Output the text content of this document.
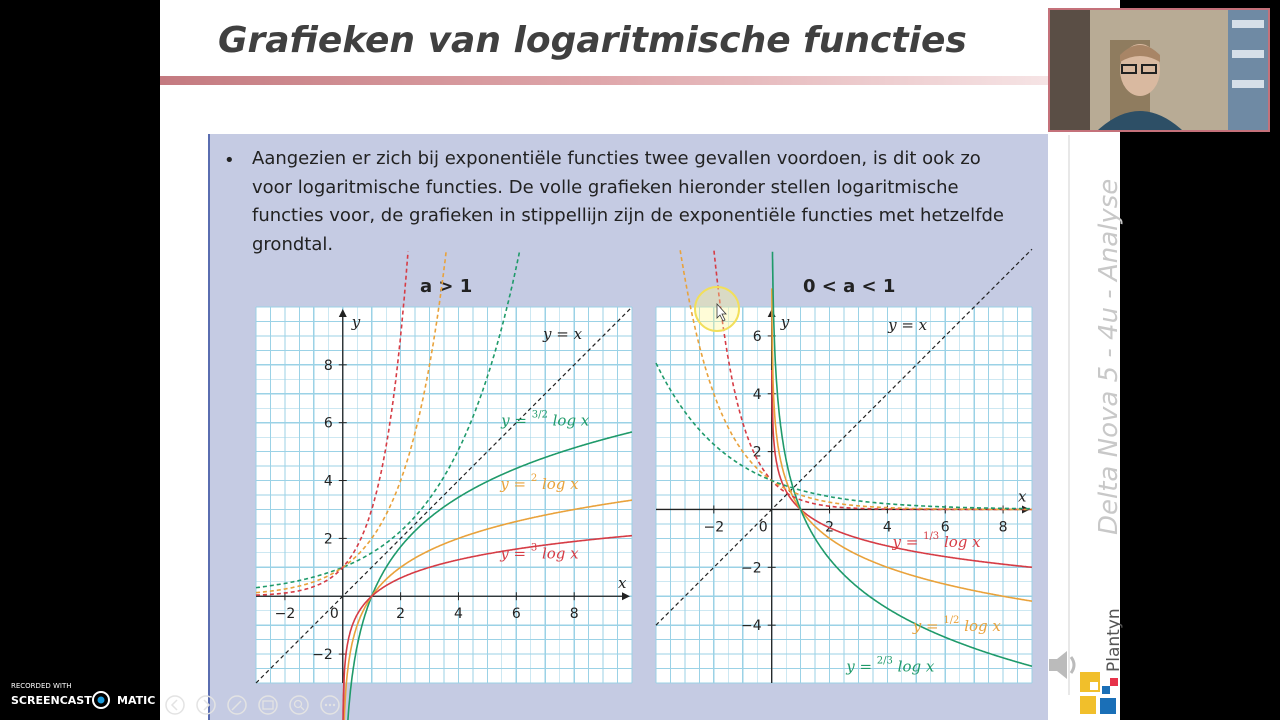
Grafieken van logaritmische functies
• Aangezien er zich bij exponentiële functies twee gevallen voordoen, is dit ook zo voor logaritmische functies. De volle grafieken hieronder stellen logaritmische functies voor, de grafieken in stippellijn zijn de exponentiële functies met hetzelfde grondtal.
a > 1	0 < a < 1
−2	2	4	6	8
−2
2
4
6
8
0
x
y
y = $^{3/2}$ log x
y = $^2$ log x
y = $^3$ log x
y = x
−2	2	4	6	8
−4
−2
2
4
6
0
x
y
y = $^{1/3}$ log x
y = $^{1/2}$ log x
y = $^{2/3}$ log x
y = x	Delta Nova 5 - 4u - Analyse
Plantyn
RECORDED WITH
SCREENCAST MATIC
